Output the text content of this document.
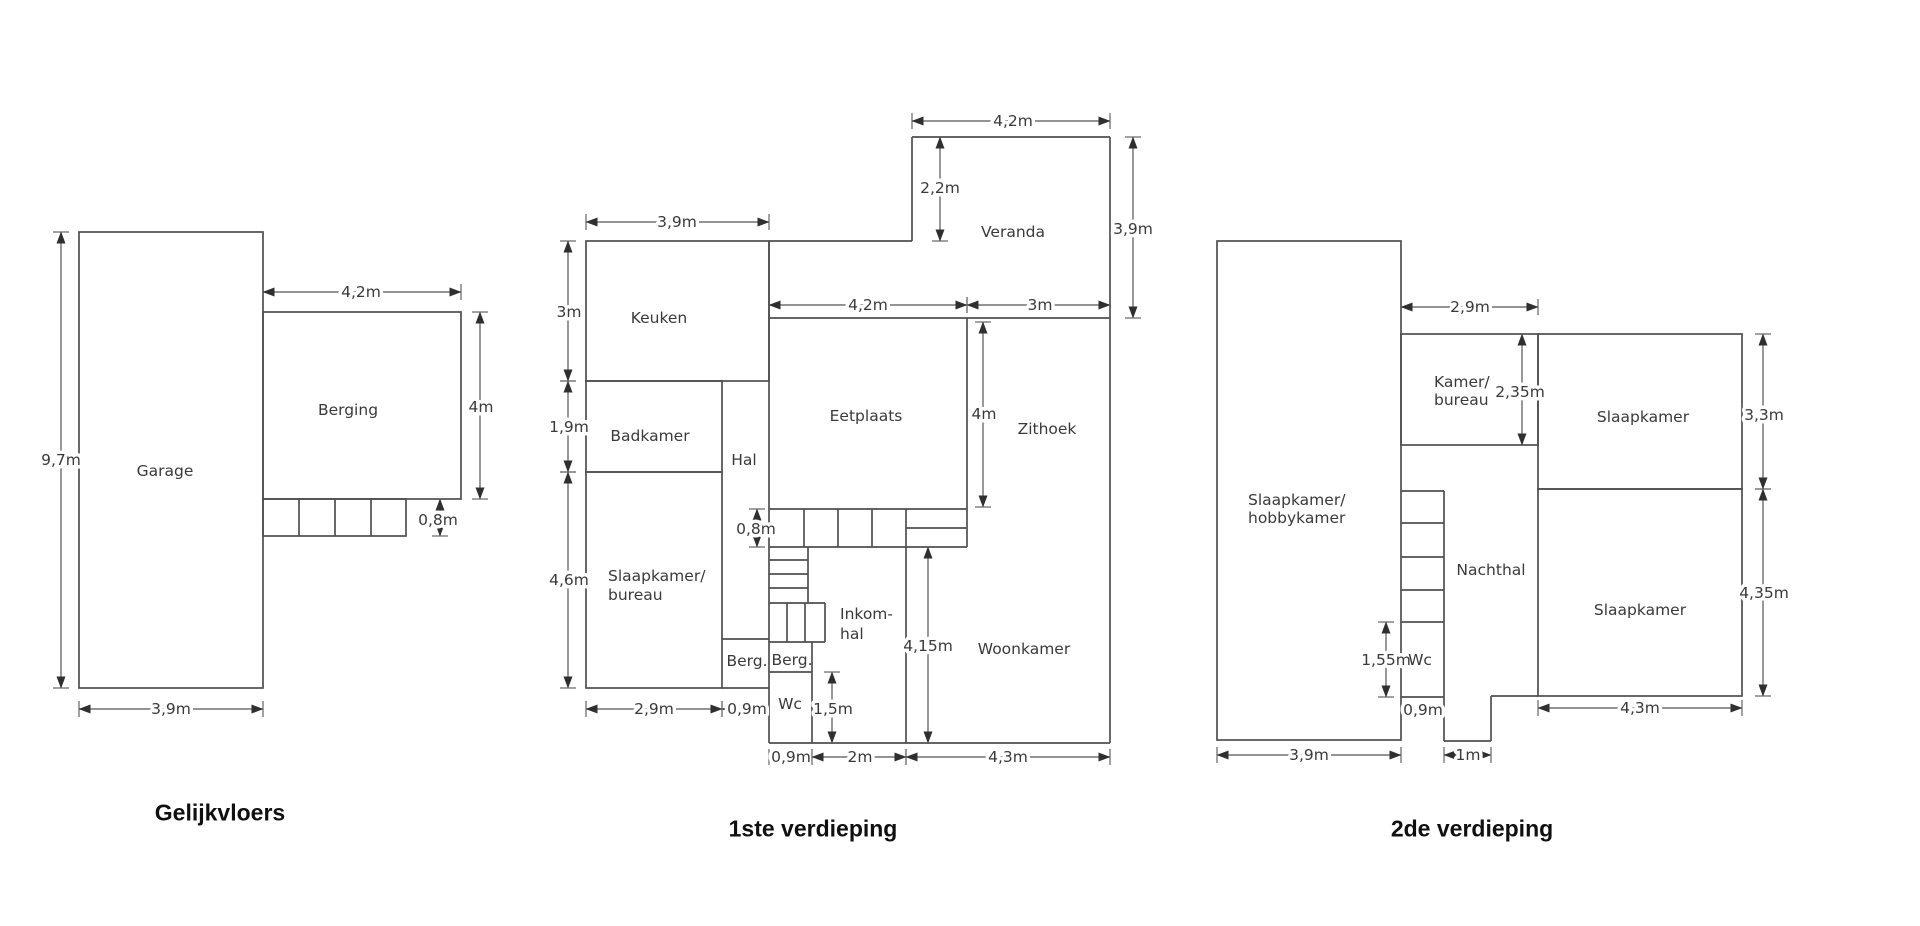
9,7m
3,9m
4,2m
4m
0,8m
Garage
Berging
3,9m
3m
1,9m
4,6m
2,9m	0,9m
4,2m
2,2m
3,9m
4,2m	3m
4m
0,8m
4,15m
1,5m
0,9m 2m	4,3m
Keuken
Badkamer
Hal
Slaapkamer/
bureau
Eetplaats
Zithoek
Veranda
Inkom-
hal
Woonkamer
Berg. Berg.
Wc
3,9m
2,9m
2,35m
3,3m
4,35m
4,3m
1,55m
0,9m
1m
Slaapkamer/
hobbykamer
Kamer/
bureau
Slaapkamer
Slaapkamer
Nachthal
Wc
Gelijkvloers
1ste verdieping	2de verdieping
